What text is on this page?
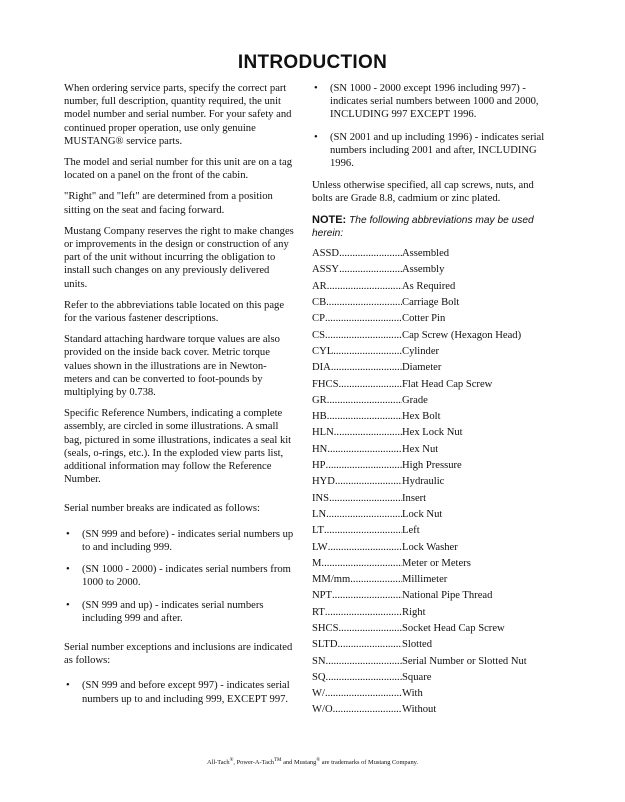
INTRODUCTION

When ordering service parts, specify the correct part number, full description, quantity required, the unit model number and serial number. For your safety and continued proper operation, use only genuine MUSTANG® service parts.

The model and serial number for this unit are on a tag located on a panel on the front of the cabin.

"Right" and "left" are determined from a position sitting on the seat and facing forward.

Mustang Company reserves the right to make changes or improvements in the design or construction of any part of the unit without incurring the obligation to install such changes on any previously delivered units.

Refer to the abbreviations table located on this page for the various fastener descriptions.

Standard attaching hardware torque values are also provided on the inside back cover. Metric torque values shown in the illustrations are in Newton-meters and can be converted to foot-pounds by multiplying by 0.738.

Specific Reference Numbers, indicating a complete assembly, are circled in some illustrations. A small bag, pictured in some illustrations, indicates a seal kit (seals, o-rings, etc.). In the exploded view parts list, additional information may follow the Reference Number.

Serial number breaks are indicated as follows:

• (SN 999 and before) - indicates serial numbers up to and including 999.
• (SN 1000 - 2000) - indicates serial numbers from 1000 to 2000.
• (SN 999 and up) - indicates serial numbers including 999 and after.

Serial number exceptions and inclusions are indicated as follows:

• (SN 999 and before except 997) - indicates serial numbers up to and including 999, EXCEPT 997.
• (SN 1000 - 2000 except 1996 including 997) - indicates serial numbers between 1000 and 2000, INCLUDING 997 EXCEPT 1996.
• (SN 2001 and up including 1996) - indicates serial numbers including 2001 and after, INCLUDING 1996.

Unless otherwise specified, all cap screws, nuts, and bolts are Grade 8.8, cadmium or zinc plated.

NOTE: The following abbreviations may be used herein:
ASSD .....	Assembled
ASSY .....	Assembly
AR .....	As Required
CB .....	Carriage Bolt
CP .....	Cotter Pin
CS .....	Cap Screw (Hexagon Head)
CYL .....	Cylinder
DIA .....	Diameter
FHCS .....	Flat Head Cap Screw
GR .....	Grade
HB .....	Hex Bolt
HLN .....	Hex Lock Nut
HN .....	Hex Nut
HP .....	High Pressure
HYD .....	Hydraulic
INS .....	Insert
LN .....	Lock Nut
LT .....	Left
LW .....	Lock Washer
M .....	Meter or Meters
MM/mm .....	Millimeter
NPT .....	National Pipe Thread
RT .....	Right
SHCS .....	Socket Head Cap Screw
SLTD .....	Slotted
SN .....	Serial Number or Slotted Nut
SQ .....	Square
W/ .....	With
W/O .....	Without
All-Tach®, Power-A-Tach™ and Mustang® are trademarks of Mustang Company.
